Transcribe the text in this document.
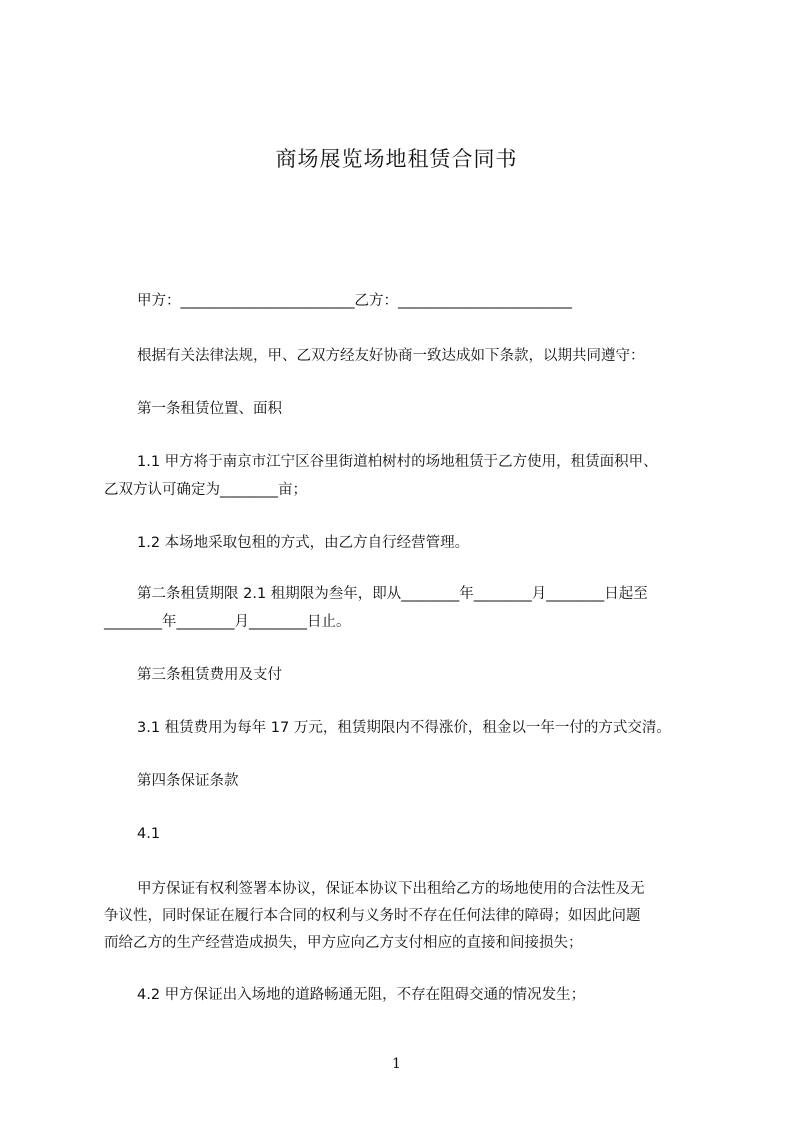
商场展览场地租赁合同书
甲方：________________________乙方：________________________
根据有关法律法规，甲、乙双方经友好协商一致达成如下条款，以期共同遵守：
第一条租赁位置、面积
1.1 甲方将于南京市江宁区谷里街道柏树村的场地租赁于乙方使用，租赁面积甲、
乙双方认可确定为________亩；
1.2 本场地采取包租的方式，由乙方自行经营管理。
第二条租赁期限 2.1 租期限为叁年，即从________年________月________日起至
________年________月________日止。
第三条租赁费用及支付
3.1 租赁费用为每年 17 万元，租赁期限内不得涨价，租金以一年一付的方式交清。
第四条保证条款
4.1
甲方保证有权利签署本协议，保证本协议下出租给乙方的场地使用的合法性及无
争议性，同时保证在履行本合同的权利与义务时不存在任何法律的障碍；如因此问题
而给乙方的生产经营造成损失，甲方应向乙方支付相应的直接和间接损失；
4.2 甲方保证出入场地的道路畅通无阻，不存在阻碍交通的情况发生；
1
